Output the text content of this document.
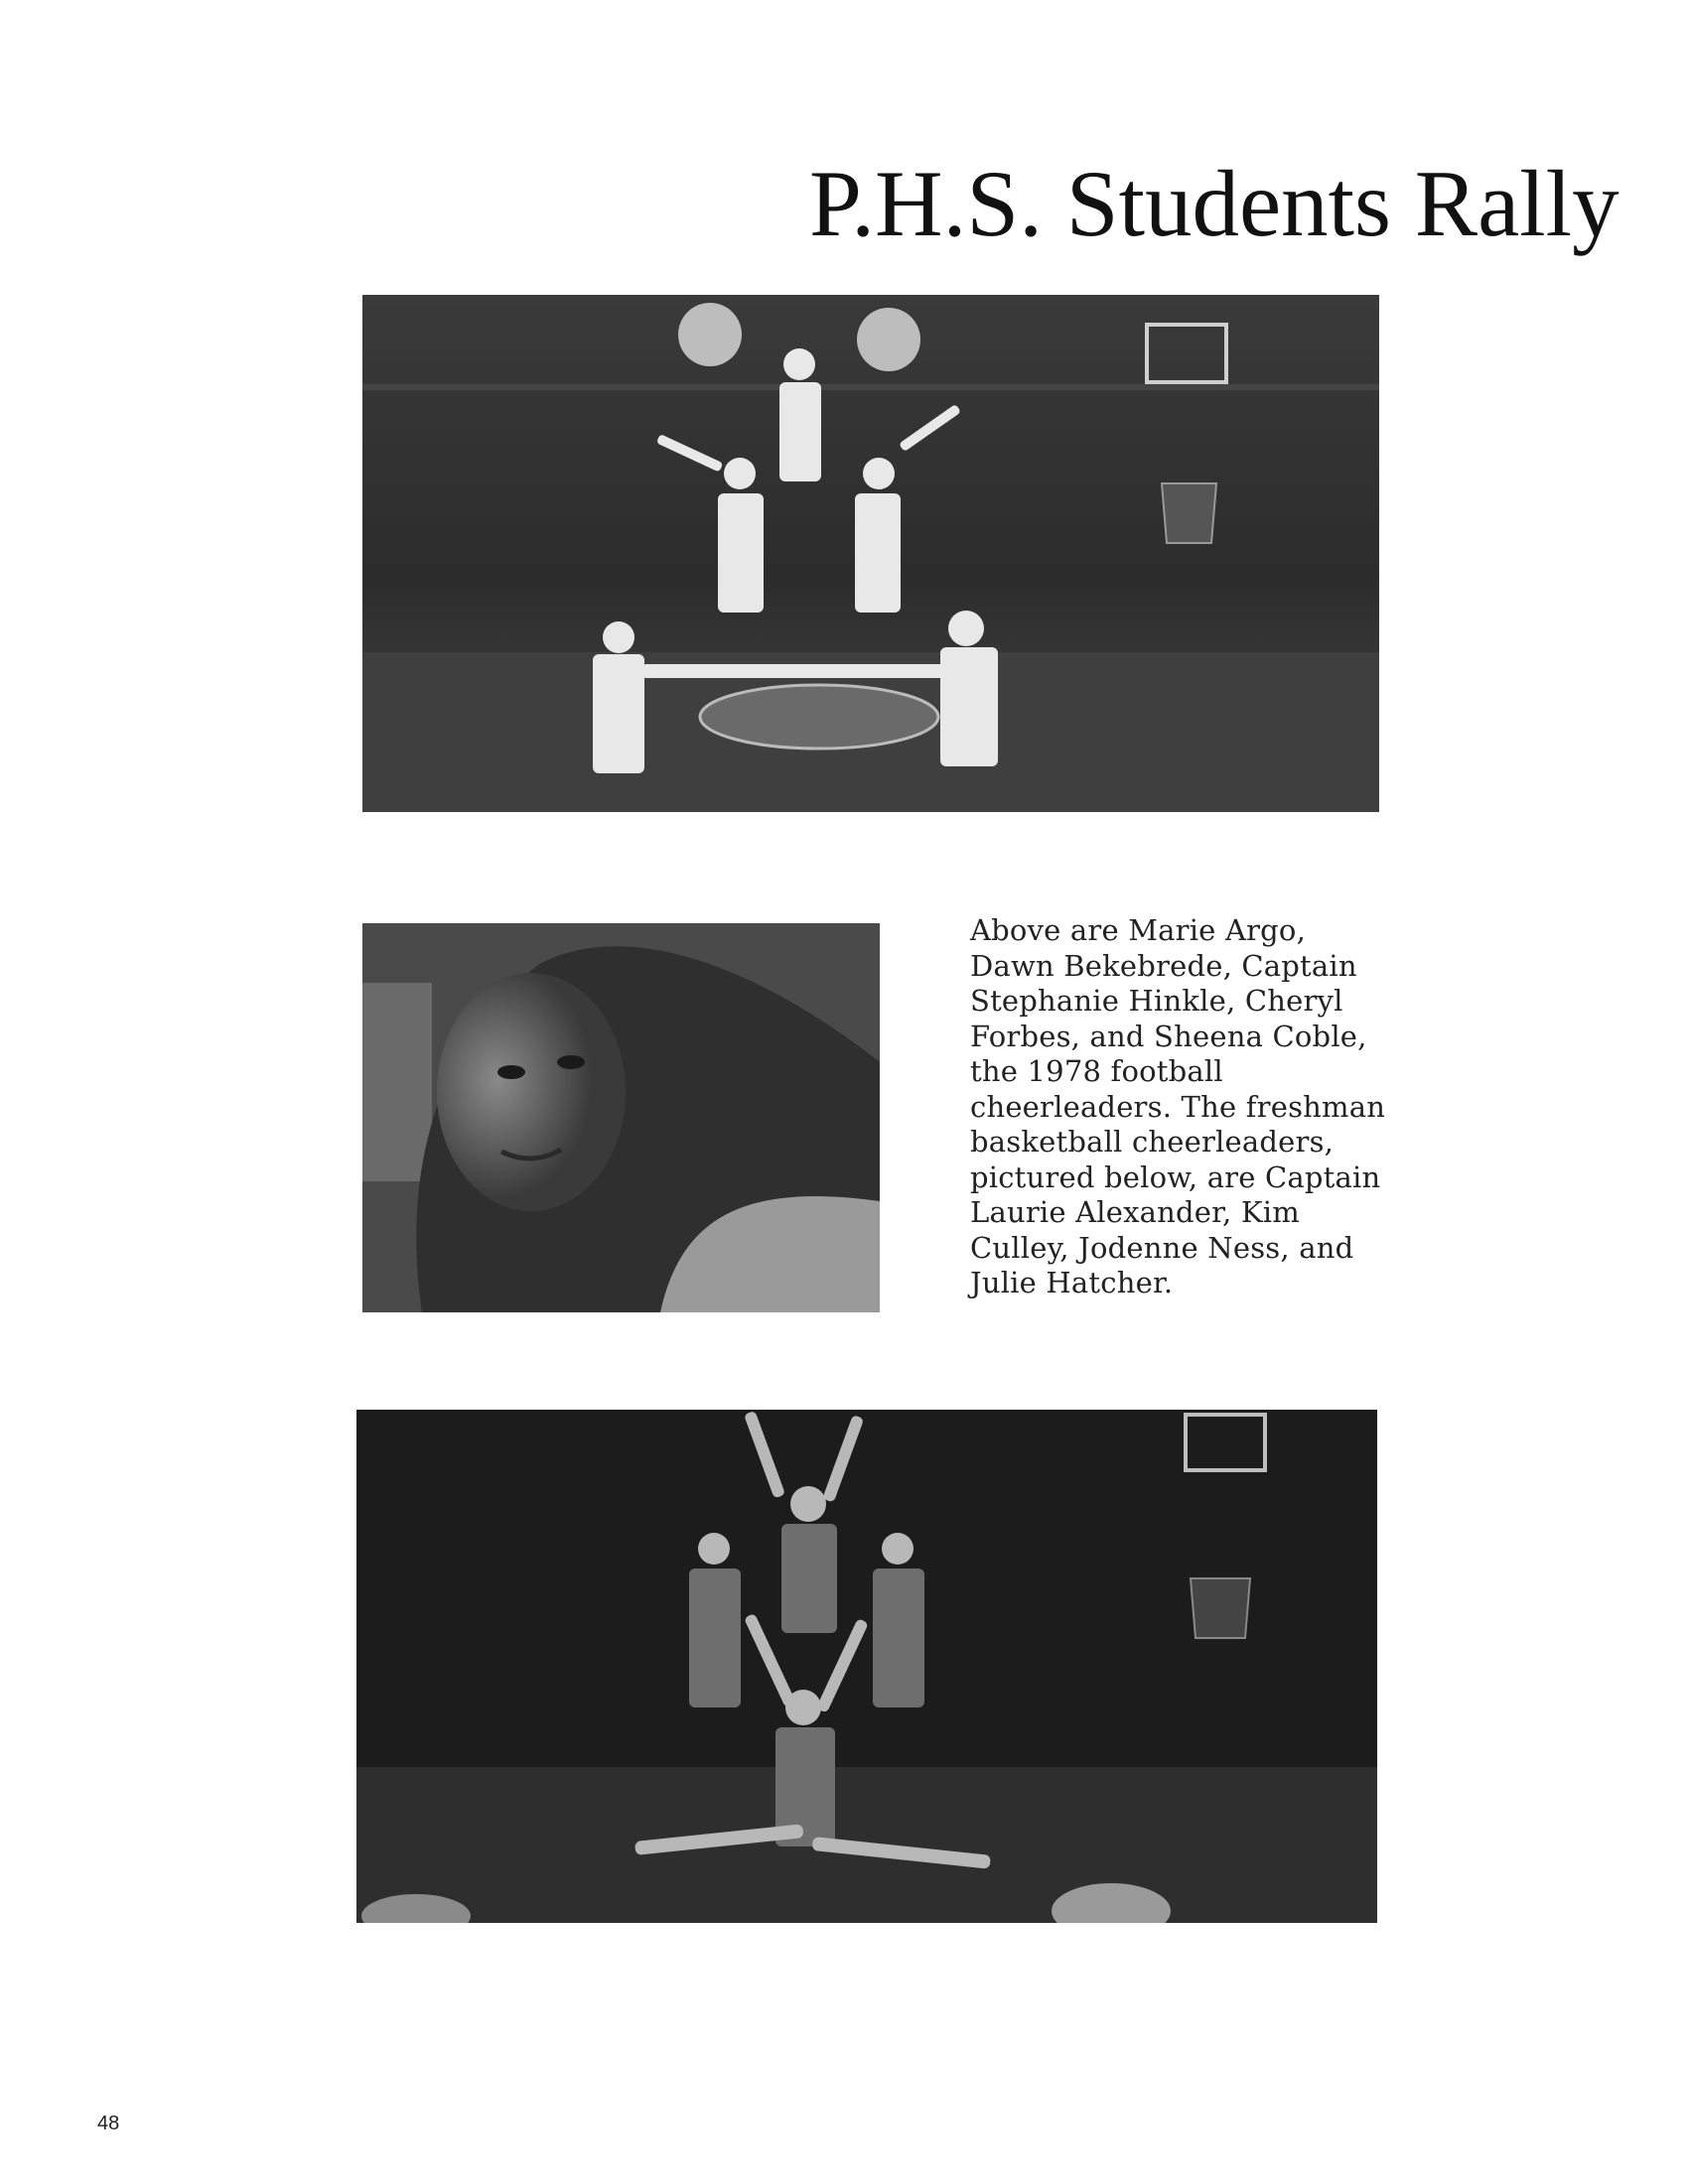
P.H.S. Students Rally
Above are Marie Argo, Dawn Bekebrede, Captain Stephanie Hinkle, Cheryl Forbes, and Sheena Coble, the 1978 football cheerleaders. The freshman basketball cheerleaders, pictured below, are Captain Laurie Alexander, Kim Culley, Jodenne Ness, and Julie Hatcher.
48
